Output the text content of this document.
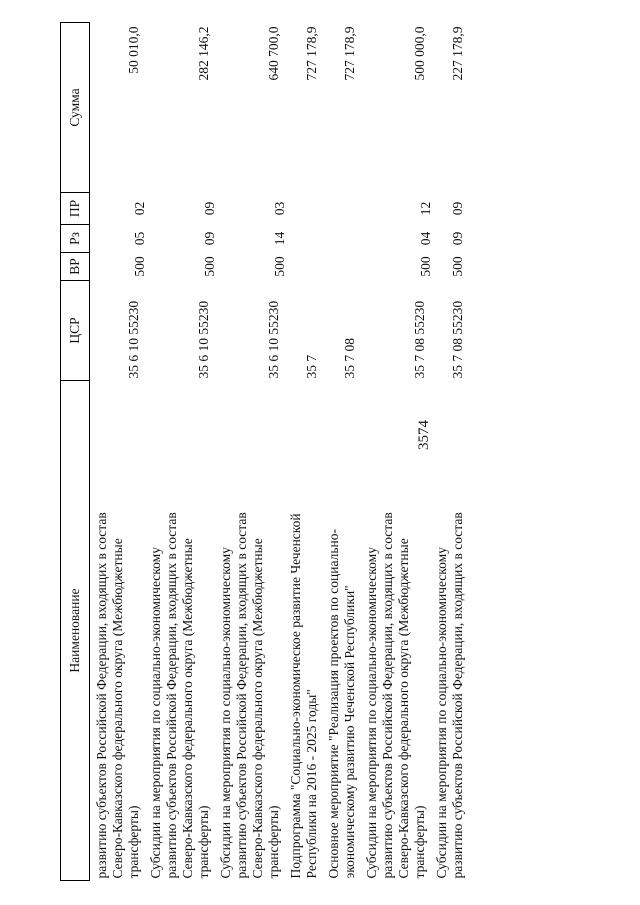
3574
Наименование	ЦСР	ВР	Рз	ПР	Сумма

развитию субъектов Российской Федерации, входящих в состав Северо-Кавказского федерального округа (Межбюджетные трансферты)	35 6 10 55230	500	05	02	50 010,0

Субсидии на мероприятия по социально-экономическому развитию субъектов Российской Федерации, входящих в состав Северо-Кавказского федерального округа (Межбюджетные трансферты)	35 6 10 55230	500	09	09	282 146,2

Субсидии на мероприятия по социально-экономическому развитию субъектов Российской Федерации, входящих в состав Северо-Кавказского федерального округа (Межбюджетные трансферты)	35 6 10 55230	500	14	03	640 700,0

Подпрограмма "Социально-экономическое развитие Чеченской Республики на 2016 - 2025 годы"	35 7				727 178,9

Основное мероприятие "Реализация проектов по социально- экономическому развитию Чеченской Республики"	35 7 08				727 178,9

Субсидии на мероприятия по социально-экономическому развитию субъектов Российской Федерации, входящих в состав Северо-Кавказского федерального округа (Межбюджетные трансферты)	35 7 08 55230	500	04	12	500 000,0

Субсидии на мероприятия по социально-экономическому развитию субъектов Российской Федерации, входящих в состав	35 7 08 55230	500	09	09	227 178,9
